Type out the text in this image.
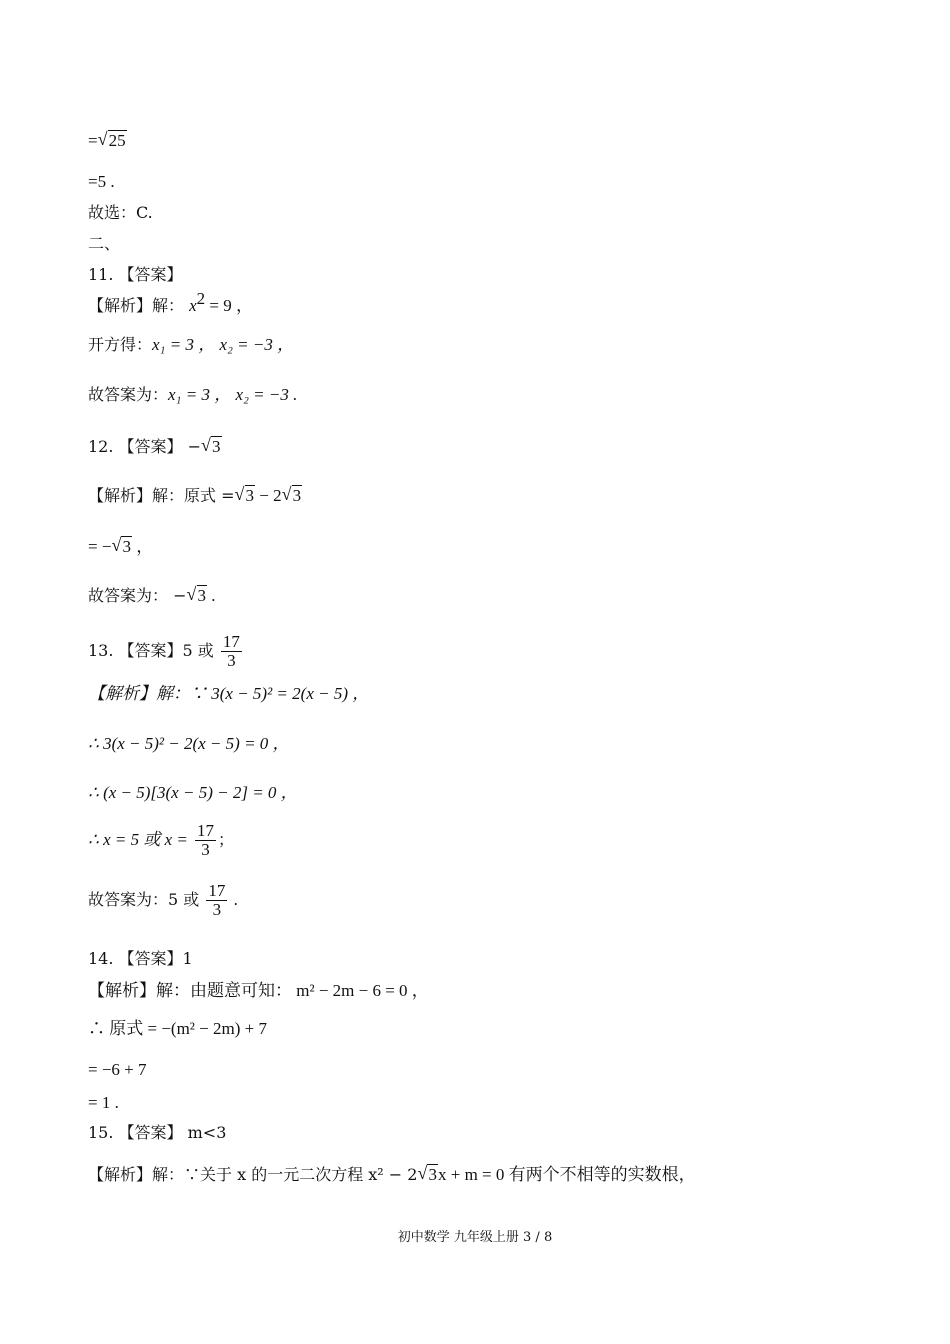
= √ 25
=5 .
故选：C.
二、
11. 【答案】
【解析】解： $x^2 = 9$ ，
开方得：x₁ = 3 ， x₂ = −3 ，
故答案为：x₁ = 3 ， x₂ = −3 .
12. 【答案】 − √ 3
【解析】解：原式 = √ 3 − 2 √ 3
= − √ 3 ，
故答案为： − √ 3 .
13. 【答案】5 或 $\frac{17}{3}$
【解析】解：∵ 3(x − 5)² = 2(x − 5) ，
∴ 3(x − 5)² − 2(x − 5) = 0 ，
∴ (x − 5)[3(x − 5) − 2] = 0 ，
∴ x = 5 或 $x = \frac{17}{3}$ ；
故答案为：5 或 $\frac{17}{3}$ .
14. 【答案】1
【解析】解：由题意可知： m² − 2m − 6 = 0 ，
∴ 原式 = −(m² − 2m) + 7
= −6 + 7
= 1 .
15. 【答案】 m<3
【解析】解：∵关于 x 的一元二次方程 x² − 2 √ 3x + m = 0 有两个不相等的实数根，
初中数学 九年级上册 3 / 8
